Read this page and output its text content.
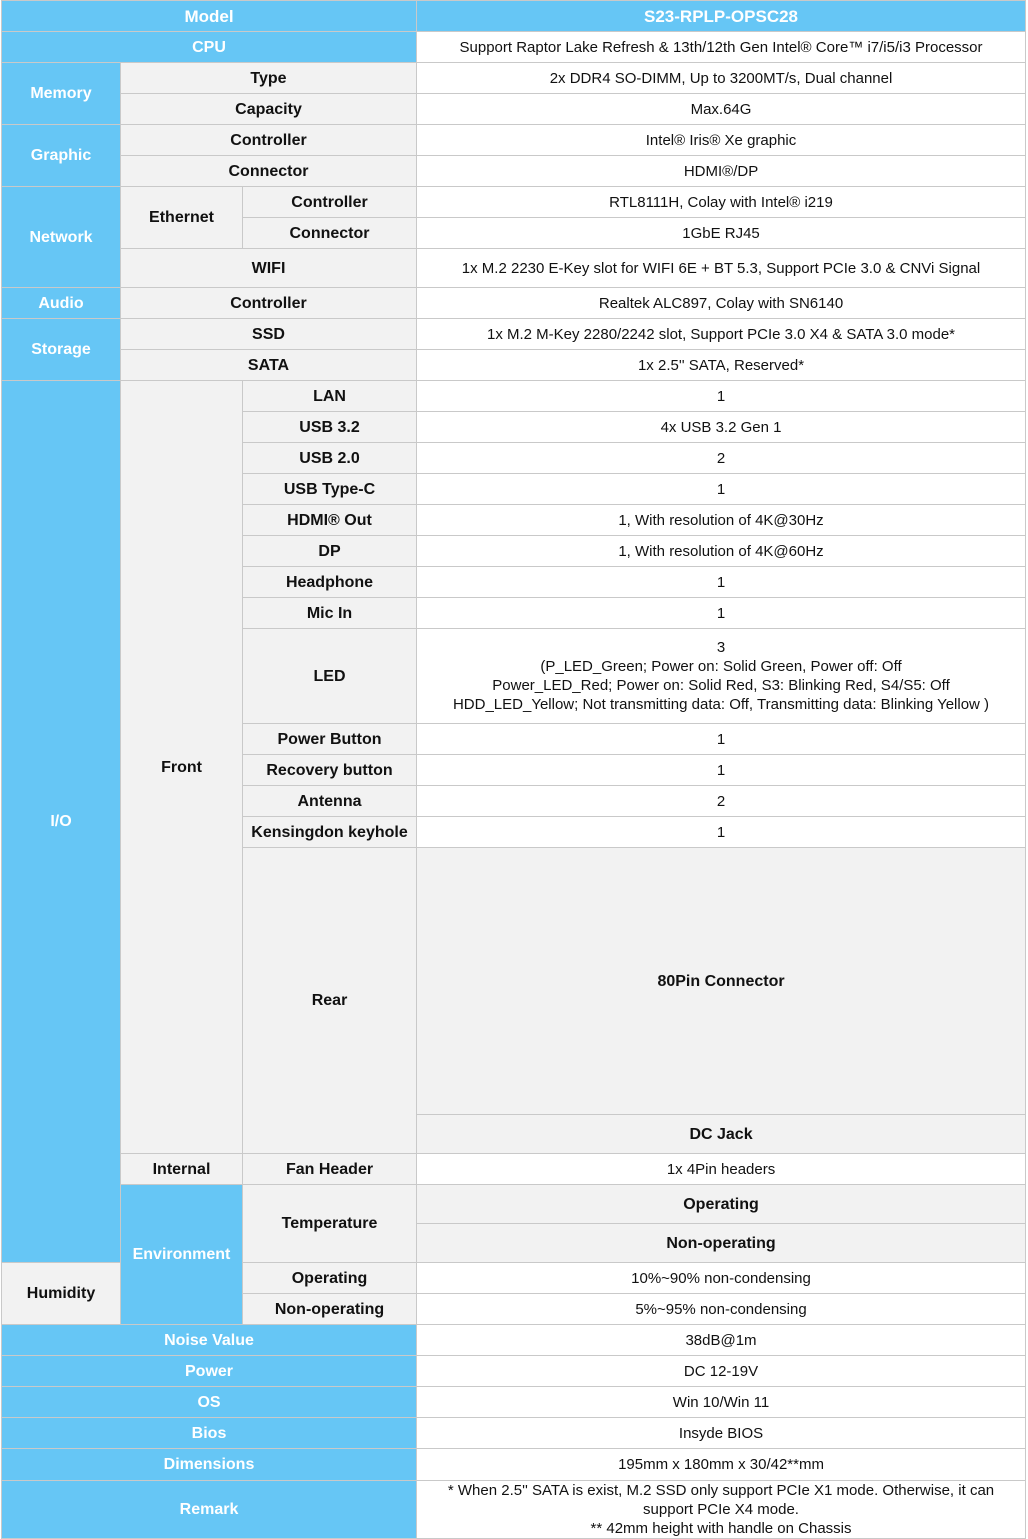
Model			S23-RPLP-OPSC28	
CPU			Support Raptor Lake Refresh & 13th/12th Gen Intel® Core™ i7/i5/i3 Processor	
Memory	Type		2x DDR4 SO-DIMM, Up to 3200MT/s, Dual channel	
	Capacity		Max.64G	
Graphic	Controller		Intel® Iris® Xe graphic	
	Connector		HDMI®/DP	
Network	Ethernet	Controller	RTL8111H, Colay with Intel® i219	
		Connector	1GbE RJ45	
	WIFI		1x M.2 2230 E-Key slot for WIFI 6E + BT 5.3, Support PCIe 3.0 & CNVi Signal	
Audio	Controller		Realtek ALC897, Colay with SN6140	
Storage	SSD		1x M.2 M-Key 2280/2242 slot, Support PCIe 3.0 X4 & SATA 3.0 mode*	
	SATA		1x 2.5'' SATA, Reserved*	
I/O	Front	LAN	1	
		USB 3.2	4x USB 3.2 Gen 1	
		USB 2.0	2	
		USB Type-C	1	
		HDMI® Out	1, With resolution of 4K@30Hz	
		DP	1, With resolution of 4K@60Hz	
		Headphone	1	
		Mic In	1	
		LED	3
(P_LED_Green; Power on: Solid Green, Power off: Off
Power_LED_Red; Power on: Solid Red, S3: Blinking Red, S4/S5: Off
HDD_LED_Yellow; Not transmitting data: Off, Transmitting data: Blinking Yellow )	

		Power Button	1	
		Recovery button	1	
		Antenna	2	
		Kensingdon keyhole	1	
		Rear	80Pin Connector	

			DC Jack	
	Internal	Fan Header	1x 4Pin headers	
	Environment	Temperature	Operating	
			Non-operating	
Humidity		Operating	10%~90% non-condensing	
		Non-operating	5%~95% non-condensing	
Noise Value			38dB@1m	
Power			DC 12-19V	
OS			Win 10/Win 11	
Bios			Insyde BIOS	
Dimensions			195mm x 180mm x 30/42**mm	
Remark			* When 2.5'' SATA is exist, M.2 SSD only support PCIe X1 mode. Otherwise, it can
support PCIe X4 mode.
** 42mm height with handle on Chassis	
